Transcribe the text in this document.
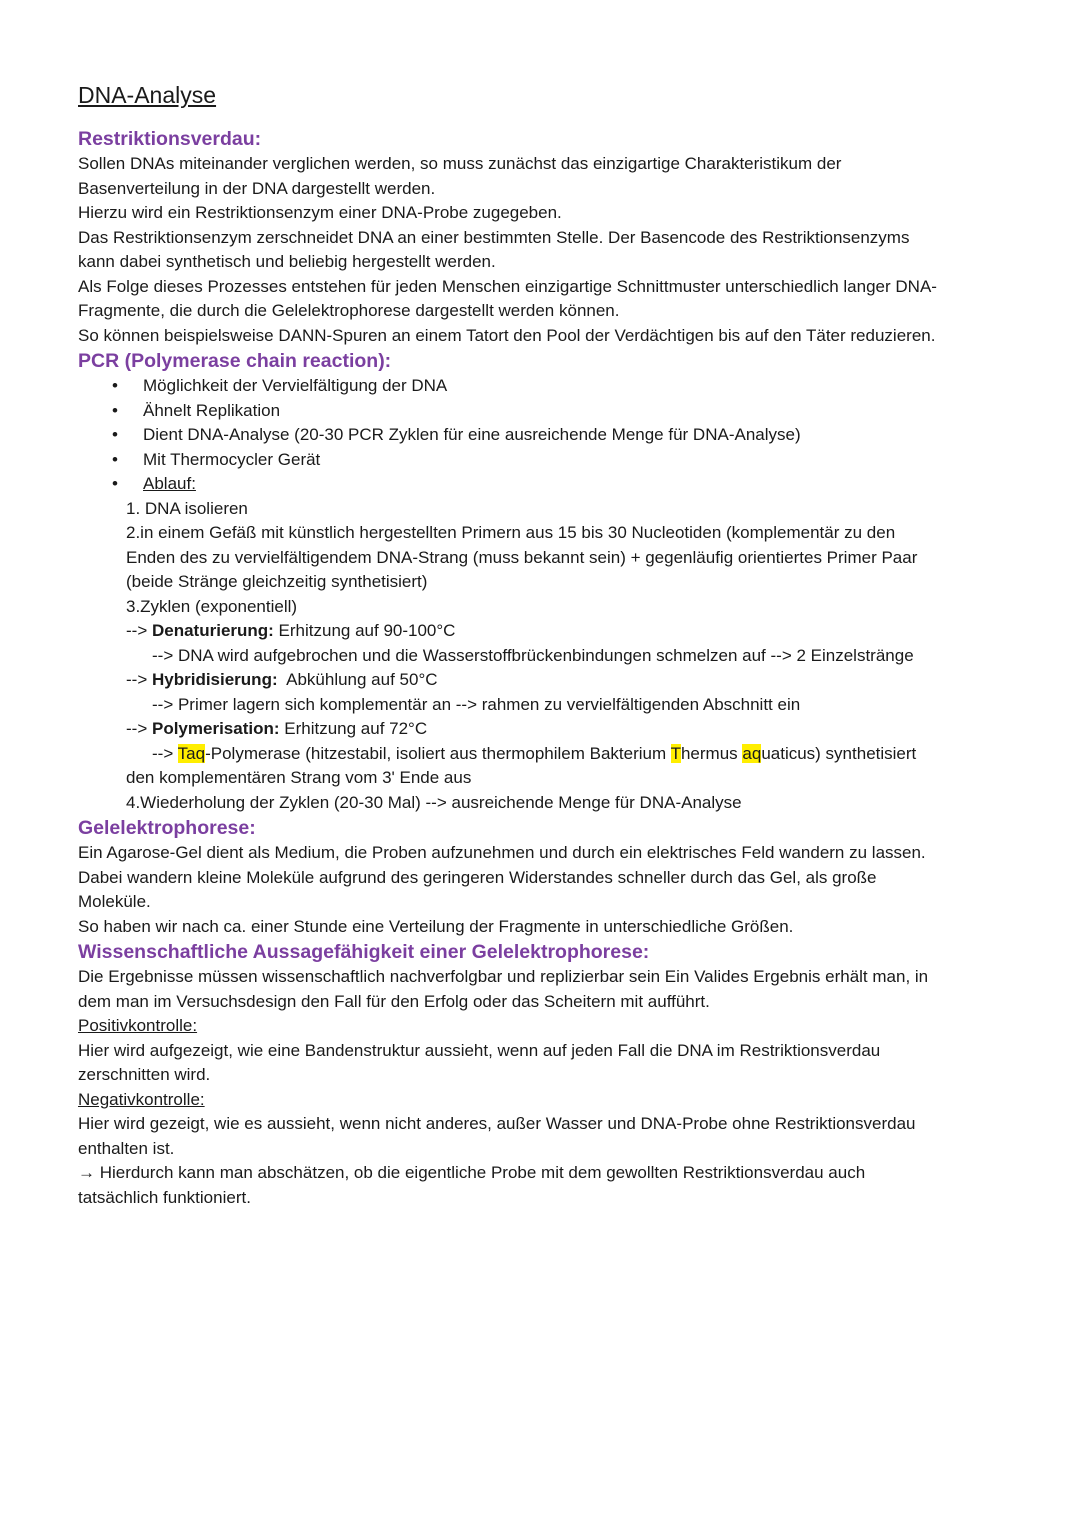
DNA-Analyse
Restriktionsverdau:

Sollen DNAs miteinander verglichen werden, so muss zunächst das einzigartige Charakteristikum der

Basenverteilung in der DNA dargestellt werden.

Hierzu wird ein Restriktionsenzym einer DNA-Probe zugegeben.

Das Restriktionsenzym zerschneidet DNA an einer bestimmten Stelle. Der Basencode des Restriktionsenzyms

kann dabei synthetisch und beliebig hergestellt werden.

Als Folge dieses Prozesses entstehen für jeden Menschen einzigartige Schnittmuster unterschiedlich langer DNA-

Fragmente, die durch die Gelelektrophorese dargestellt werden können.

So können beispielsweise DANN-Spuren an einem Tatort den Pool der Verdächtigen bis auf den Täter reduzieren.

PCR (Polymerase chain reaction):
• Möglichkeit der Vervielfältigung der DNA
• Ähnelt Replikation
• Dient DNA-Analyse (20-30 PCR Zyklen für eine ausreichende Menge für DNA-Analyse)
• Mit Thermocycler Gerät
• Ablauf:

1. DNA isolieren

2.in einem Gefäß mit künstlich hergestellten Primern aus 15 bis 30 Nucleotiden (komplementär zu den

Enden des zu vervielfältigendem DNA-Strang (muss bekannt sein) + gegenläufig orientiertes Primer Paar

(beide Stränge gleichzeitig synthetisiert)

3.Zyklen (exponentiell)

--> Denaturierung: Erhitzung auf 90-100°C

--> DNA wird aufgebrochen und die Wasserstoffbrückenbindungen schmelzen auf --> 2 Einzelstränge

--> Hybridisierung:  Abkühlung auf 50°C

--> Primer lagern sich komplementär an --> rahmen zu vervielfältigenden Abschnitt ein

--> Polymerisation: Erhitzung auf 72°C

--> Taq-Polymerase (hitzestabil, isoliert aus thermophilem Bakterium Thermus aquaticus) synthetisiert

den komplementären Strang vom 3' Ende aus

4.Wiederholung der Zyklen (20-30 Mal) --> ausreichende Menge für DNA-Analyse

Gelelektrophorese:

Ein Agarose-Gel dient als Medium, die Proben aufzunehmen und durch ein elektrisches Feld wandern zu lassen.

Dabei wandern kleine Moleküle aufgrund des geringeren Widerstandes schneller durch das Gel, als große

Moleküle.

So haben wir nach ca. einer Stunde eine Verteilung der Fragmente in unterschiedliche Größen.

Wissenschaftliche Aussagefähigkeit einer Gelelektrophorese:

Die Ergebnisse müssen wissenschaftlich nachverfolgbar und replizierbar sein Ein Valides Ergebnis erhält man, in

dem man im Versuchsdesign den Fall für den Erfolg oder das Scheitern mit aufführt.

Positivkontrolle:

Hier wird aufgezeigt, wie eine Bandenstruktur aussieht, wenn auf jeden Fall die DNA im Restriktionsverdau

zerschnitten wird.

Negativkontrolle:

Hier wird gezeigt, wie es aussieht, wenn nicht anderes, außer Wasser und DNA-Probe ohne Restriktionsverdau

enthalten ist.

→ Hierdurch kann man abschätzen, ob die eigentliche Probe mit dem gewollten Restriktionsverdau auch

tatsächlich funktioniert.
